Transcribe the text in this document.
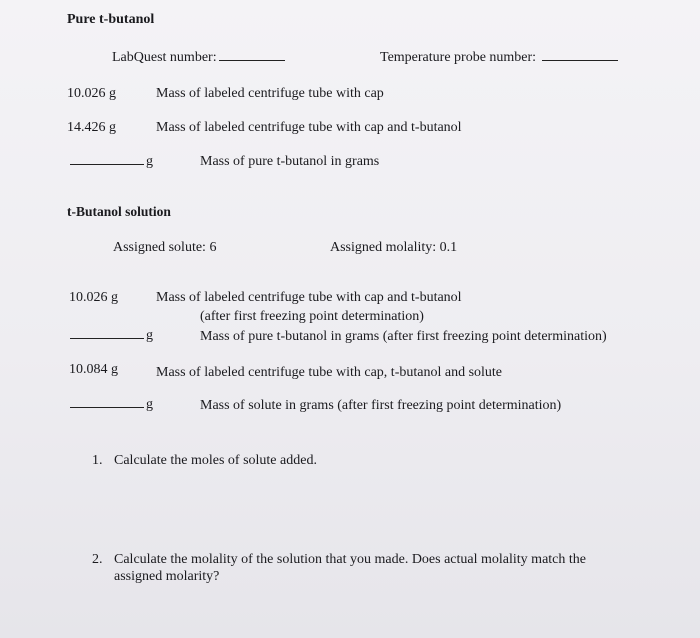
Pure t-butanol
LabQuest number:	Temperature probe number:
10.026 g	Mass of labeled centrifuge tube with cap
14.426 g	Mass of labeled centrifuge tube with cap and t-butanol
g	Mass of pure t-butanol in grams
t-Butanol solution
Assigned solute: 6	Assigned molality: 0.1
10.026 g	Mass of labeled centrifuge tube with cap and t-butanol
(after first freezing point determination)
g	Mass of pure t-butanol in grams (after first freezing point determination)
10.084 g	Mass of labeled centrifuge tube with cap, t-butanol and solute
g	Mass of solute in grams (after first freezing point determination)
1. Calculate the moles of solute added.
2. Calculate the molality of the solution that you made. Does actual molality match the
assigned molarity?
